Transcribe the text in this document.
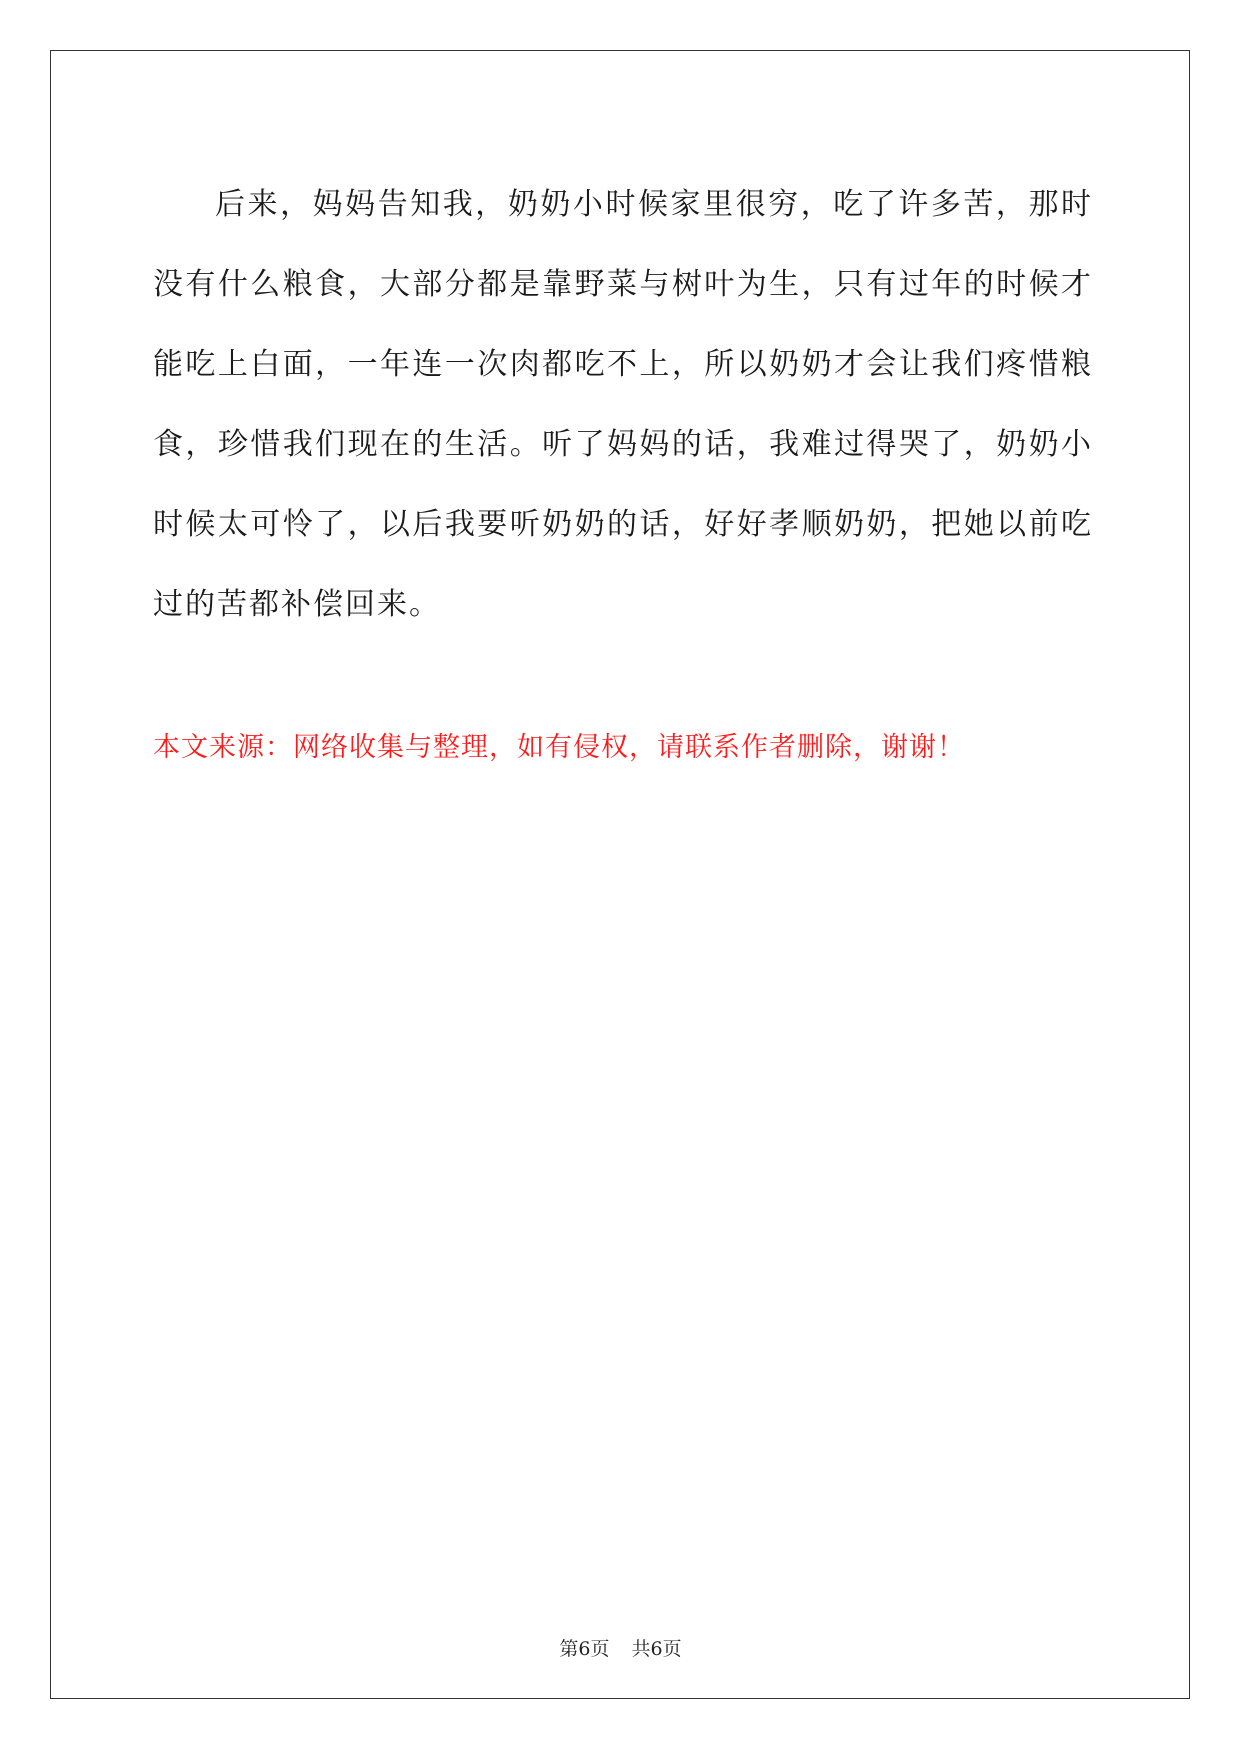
后来，妈妈告知我，奶奶小时候家里很穷，吃了许多苦，那时没有什么粮食，大部分都是靠野菜与树叶为生，只有过年的时候才能吃上白面，一年连一次肉都吃不上，所以奶奶才会让我们疼惜粮食，珍惜我们现在的生活。听了妈妈的话，我难过得哭了，奶奶小时候太可怜了，以后我要听奶奶的话，好好孝顺奶奶，把她以前吃过的苦都补偿回来。

本文来源：网络收集与整理，如有侵权，请联系作者删除，谢谢！

第6页 共6页
